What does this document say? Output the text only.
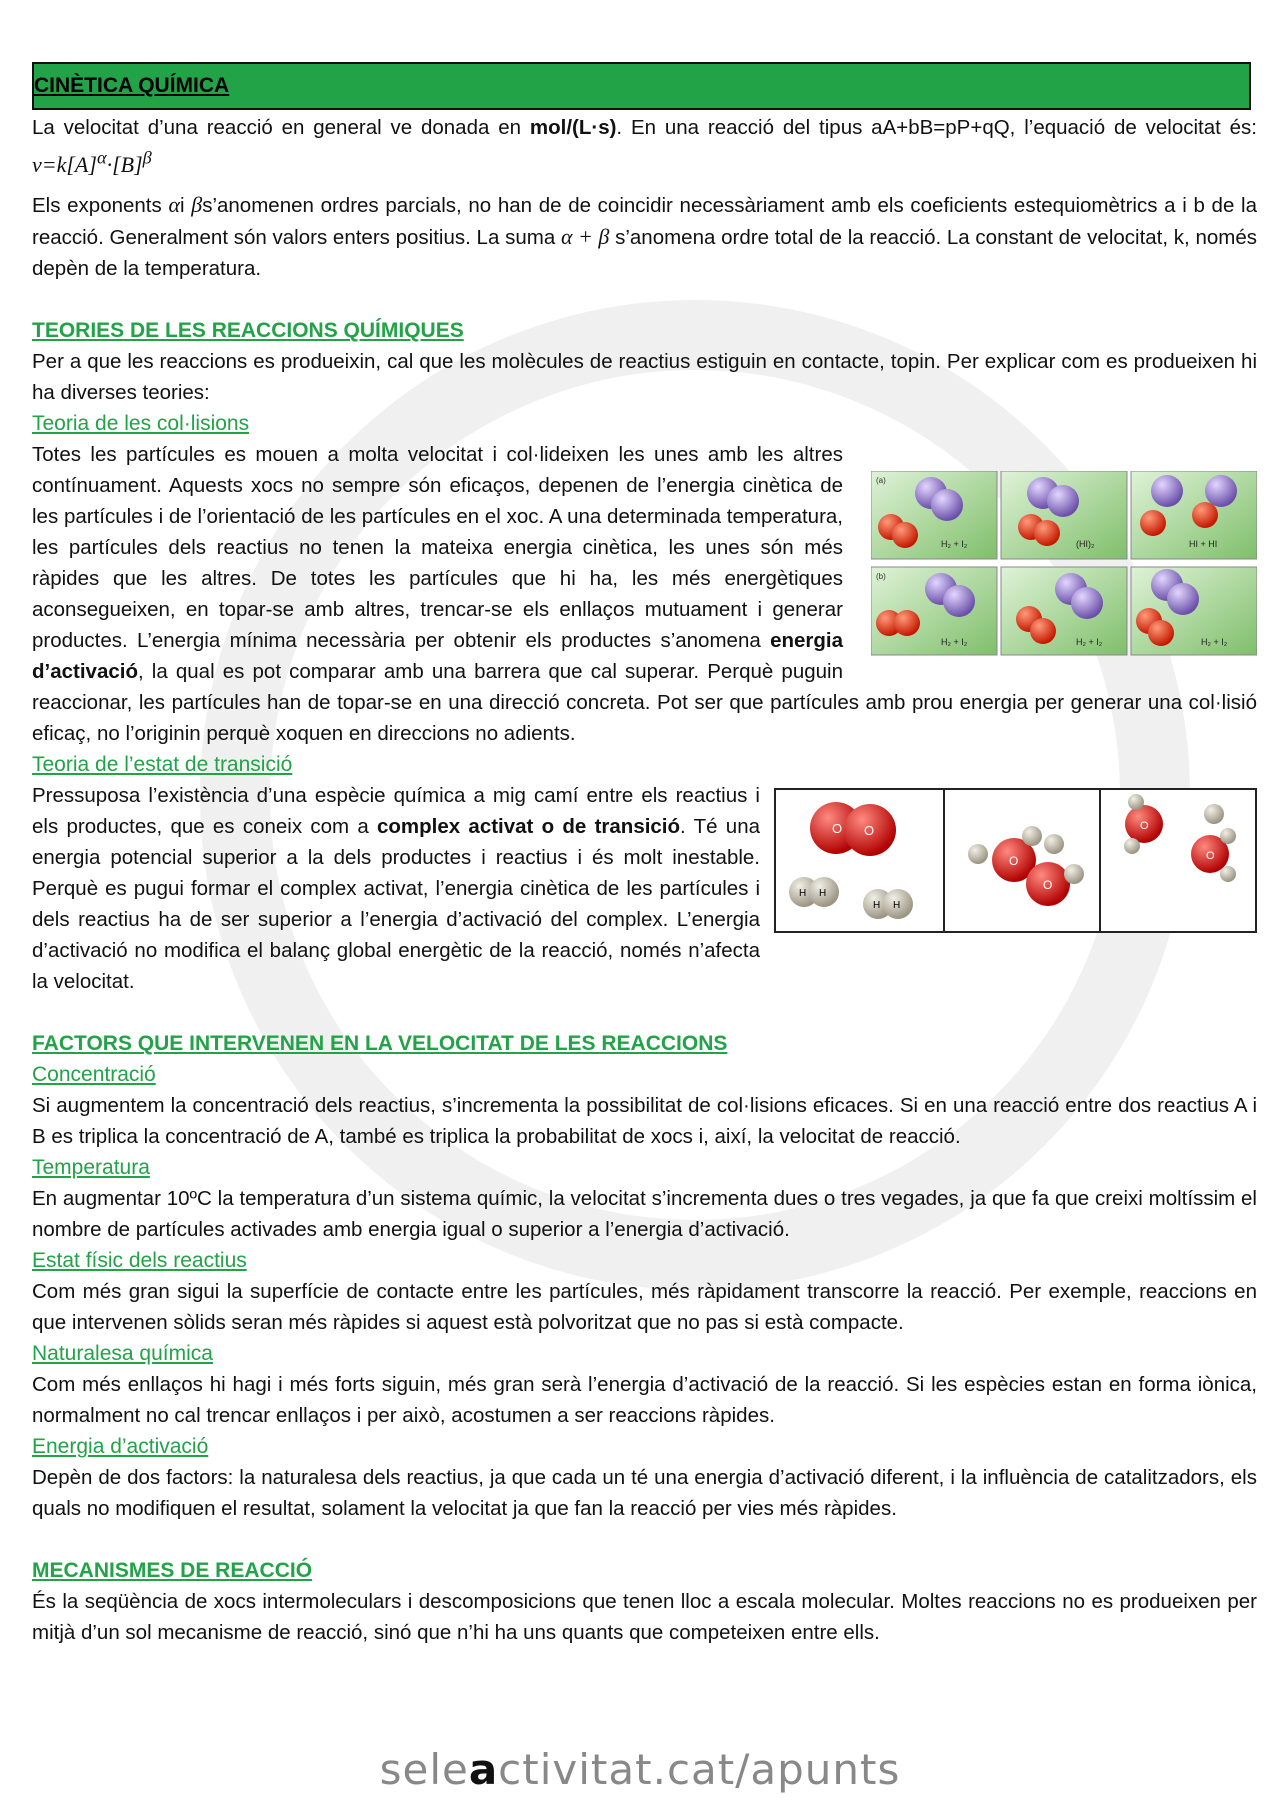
CINÈTICA QUÍMICA

La velocitat d’una reacció en general ve donada en mol/(L·s). En una reacció del tipus aA+bB=pP+qQ, l’equació de velocitat és: $v=k[A]^\alpha\cdot[B]^\beta$

Els exponents αi βs’anomenen ordres parcials, no han de de coincidir necessàriament amb els coeficients estequiomètrics a i b de la reacció. Generalment són valors enters positius. La suma α + β s’anomena ordre total de la reacció. La constant de velocitat, k, només depèn de la temperatura.

TEORIES DE LES REACCIONS QUÍMIQUES

Per a que les reaccions es produeixin, cal que les molècules de reactius estiguin en contacte, topin. Per explicar com es produeixen hi ha diverses teories:

Teoria de les col·lisions

(a)
H₂ + I₂	(HI)₂	HI + HI
(b)
H₂ + I₂	H₂ + I₂	H₂ + I₂
Totes les partícules es mouen a molta velocitat i col·lideixen les unes amb les altres contínuament. Aquests xocs no sempre són eficaços, depenen de l’energia cinètica de les partícules i de l’orientació de les partícules en el xoc. A una determinada temperatura, les partícules dels reactius no tenen la mateixa energia cinètica, les unes són més ràpides que les altres. De totes les partícules que hi ha, les més energètiques aconsegueixen, en topar-se amb altres, trencar-se els enllaços mutuament i generar productes. L’energia mínima necessària per obtenir els productes s’anomena energia d’activació, la qual es pot comparar amb una barrera que cal superar. Perquè puguin reaccionar, les partícules han de topar-se en una direcció concreta. Pot ser que partícules amb prou energia per generar una col·lisió eficaç, no l’originin perquè xoquen en direccions no adients.

Teoria de l’estat de transició

O O
H H
H H
O
O
O
O
Pressuposa l’existència d’una espècie química a mig camí entre els reactius i els productes, que es coneix com a complex activat o de transició. Té una energia potencial superior a la dels productes i reactius i és molt inestable. Perquè es pugui formar el complex activat, l’energia cinètica de les partícules i dels reactius ha de ser superior a l’energia d’activació del complex. L’energia d’activació no modifica el balanç global energètic de la reacció, només n’afecta la velocitat.

FACTORS QUE INTERVENEN EN LA VELOCITAT DE LES REACCIONS
Concentració

Si augmentem la concentració dels reactius, s’incrementa la possibilitat de col·lisions eficaces. Si en una reacció entre dos reactius A i B es triplica la concentració de A, també es triplica la probabilitat de xocs i, així, la velocitat de reacció.

Temperatura

En augmentar 10ºC la temperatura d’un sistema químic, la velocitat s’incrementa dues o tres vegades, ja que fa que creixi moltíssim el nombre de partícules activades amb energia igual o superior a l’energia d’activació.

Estat físic dels reactius

Com més gran sigui la superfície de contacte entre les partícules, més ràpidament transcorre la reacció. Per exemple, reaccions en que intervenen sòlids seran més ràpides si aquest està polvoritzat que no pas si està compacte.

Naturalesa química

Com més enllaços hi hagi i més forts siguin, més gran serà l’energia d’activació de la reacció. Si les espècies estan en forma iònica, normalment no cal trencar enllaços i per això, acostumen a ser reaccions ràpides.

Energia d’activació

Depèn de dos factors: la naturalesa dels reactius, ja que cada un té una energia d’activació diferent, i la influència de catalitzadors, els quals no modifiquen el resultat, solament la velocitat ja que fan la reacció per vies més ràpides.

MECANISMES DE REACCIÓ

És la seqüència de xocs intermoleculars i descomposicions que tenen lloc a escala molecular. Moltes reaccions no es produeixen per mitjà d’un sol mecanisme de reacció, sinó que n’hi ha uns quants que competeixen entre ells.

seleactivitat.cat/apunts
